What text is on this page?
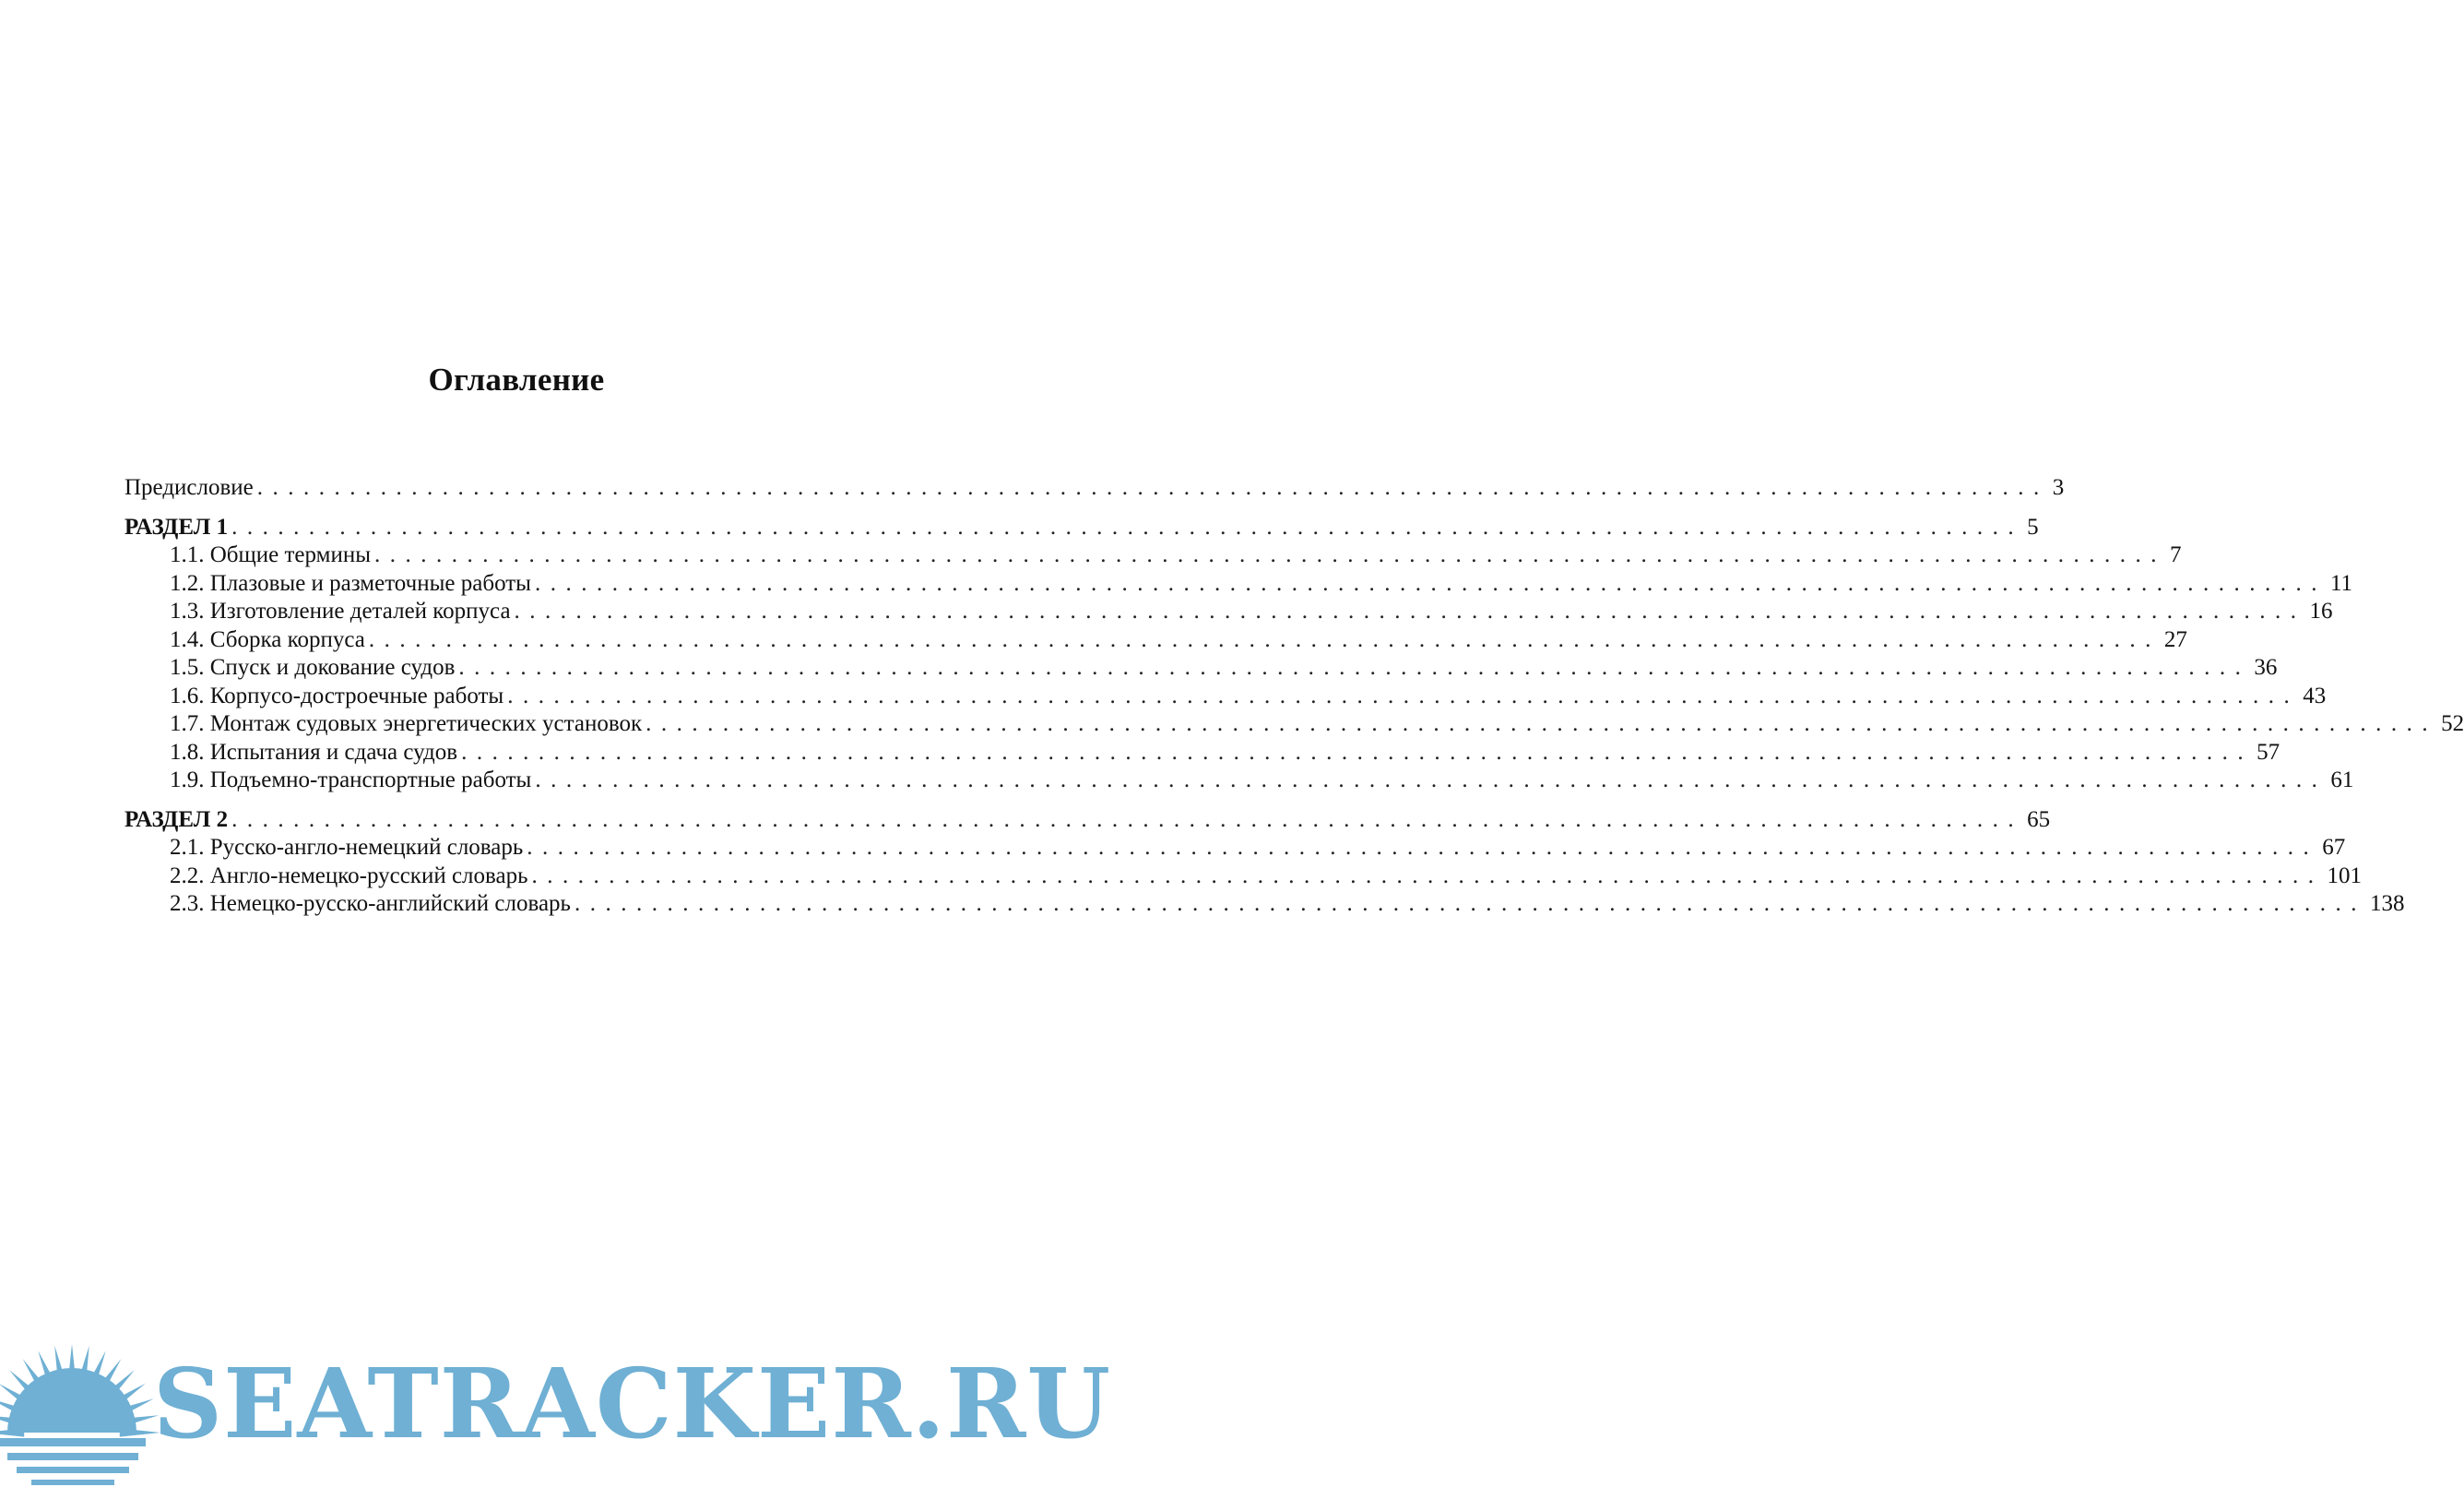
Оглавление
Предисловие .....	3
РАЗДЕЛ 1 .....	5
1.1. Общие термины .....	7
1.2. Плазовые и разметочные работы .....	11
1.3. Изготовление деталей корпуса .....	16
1.4. Сборка корпуса .....	27
1.5. Спуск и докование судов .....	36
1.6. Корпусо-достроечные работы .....	43
1.7. Монтаж судовых энергетических установок .....	52
1.8. Испытания и сдача судов .....	57
1.9. Подъемно-транспортные работы .....	61
РАЗДЕЛ 2 .....	65
2.1. Русско-англо-немецкий словарь .....	67
2.2. Англо-немецко-русский словарь .....	101
2.3. Немецко-русско-английский словарь .....	138
SEATRACKER.RU
